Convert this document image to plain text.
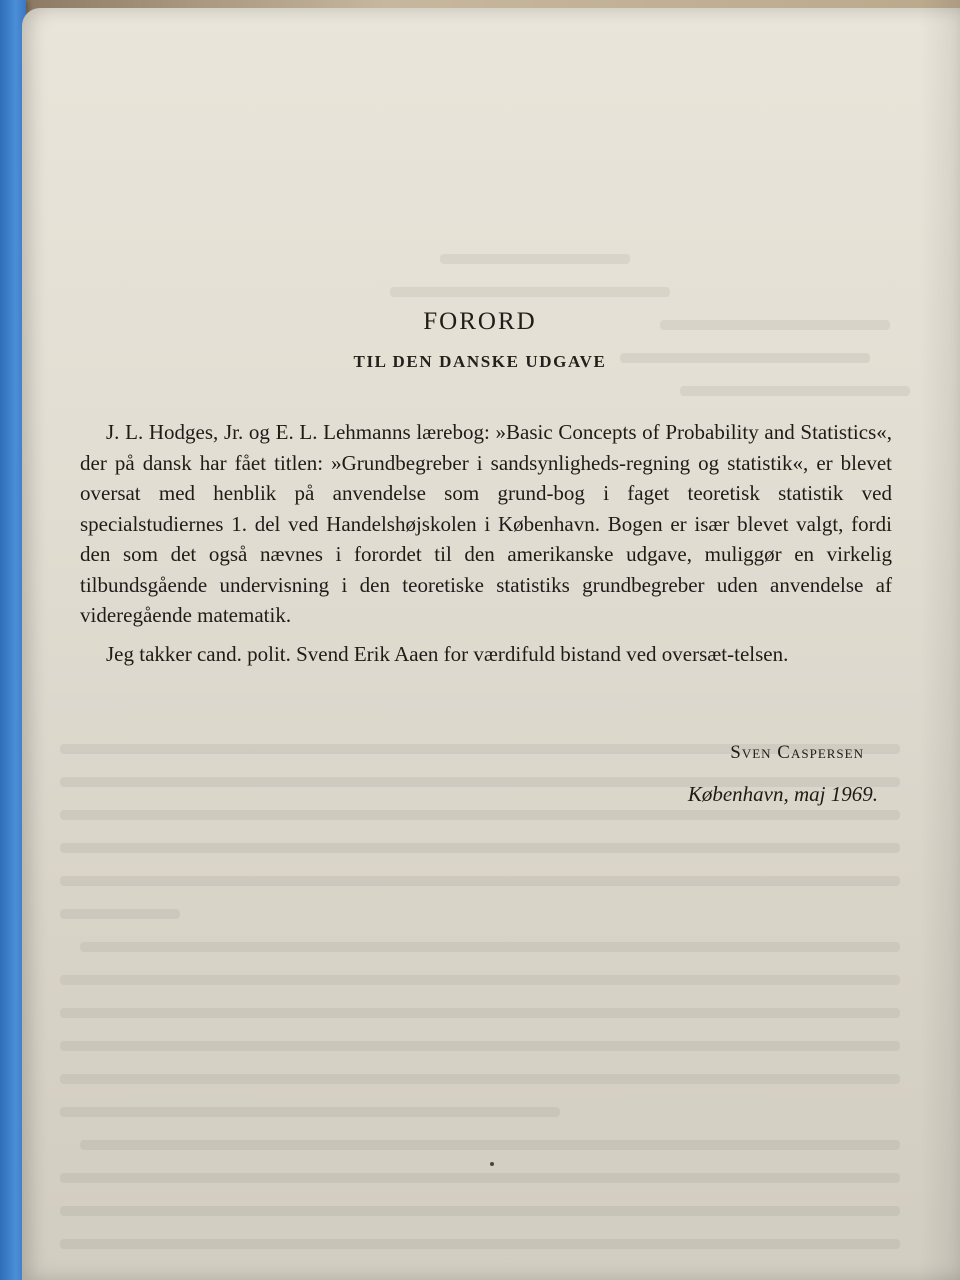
FORORD
TIL DEN DANSKE UDGAVE

J. L. Hodges, Jr. og E. L. Lehmanns lærebog: »Basic Concepts of Probability and Statistics«, der på dansk har fået titlen: »Grundbegreber i sandsynligheds-regning og statistik«, er blevet oversat med henblik på anvendelse som grund-bog i faget teoretisk statistik ved specialstudiernes 1. del ved Handelshøjskolen i København. Bogen er især blevet valgt, fordi den som det også nævnes i forordet til den amerikanske udgave, muliggør en virkelig tilbundsgående undervisning i den teoretiske statistiks grundbegreber uden anvendelse af videregående matematik.

Jeg takker cand. polit. Svend Erik Aaen for værdifuld bistand ved oversæt-telsen.

Sven Caspersen
København, maj 1969.
